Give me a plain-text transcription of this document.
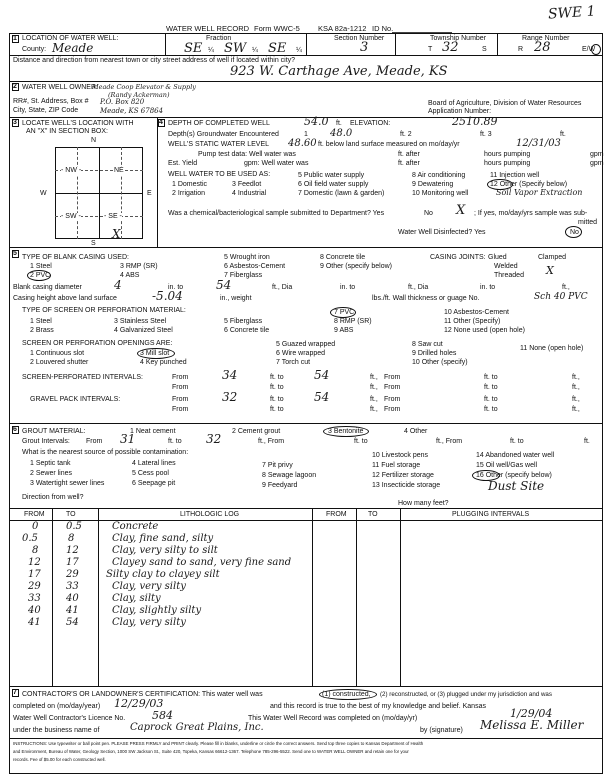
SWE 1
WATER WELL RECORD Form WWC-5 KSA 82a-1212 ID No.
1 LOCATION OF WATER WELL:
County: Meade
Fraction
SE ¼ SW ¼ SE ¼
Section Number
3
Township Number
T 32	S
Range Number
R 28	E/W
Distance and direction from nearest town or city street address of well if located within city?
923 W. Carthage Ave, Meade, KS
2 WATER WELL OWNER:
Meade Coop Elevator & Supply
(Randy Ackerman)
RR#, St. Address, Box # P.O. Box 820
City, State, ZIP Code	Meade, KS 67864
Board of Agriculture, Division of Water Resources
Application Number:
3 LOCATE WELL'S LOCATION WITH
AN "X" IN SECTION BOX:
N
W	E
S
- NW -	NE
- SW -	- SE -
X
4 DEPTH OF COMPLETED WELL	54.0 ft. ELEVATION:	2510.89
Depth(s) Groundwater Encountered	1 48.0	ft. 2	ft. 3	ft.
WELL'S STATIC WATER LEVEL 48.60 ft. below land surface measured on mo/day/yr	12/31/03
Pump test data: Well water was	ft. after	hours pumping	gpm
Est. Yield	gpm: Well water was	ft. after	hours pumping	gpm
WELL WATER TO BE USED AS:
1 Domestic
2 Irrigation
3 Feedlot
4 Industrial
5 Public water supply
6 Oil field water supply
7 Domestic (lawn & garden)
8 Air conditioning
9 Dewatering
10 Monitoring well
11 Injection well
12 Other (Specify below)
Soil Vapor Extraction
Was a chemical/bacteriological sample submitted to Department? Yes	No X ; If yes, mo/day/yrs sample was sub-
mitted
Water Well Disinfected? Yes	No
5
TYPE OF BLANK CASING USED:
1 Steel
2 PVC
3 RMP (SR)
4 ABS
5 Wrought iron
6 Asbestos-Cement
7 Fiberglass
8 Concrete tile
9 Other (specify below)
CASING JOINTS: Glued	Clamped
Welded
Threaded X
Blank casing diameter	4	in. to	54	ft., Dia	in. to	ft., Dia	in. to	ft.,
Casing height above land surface	-5.04	in., weight	lbs./ft. Wall thickness or guage No.	Sch 40 PVC
TYPE OF SCREEN OR PERFORATION MATERIAL:
1 Steel
2 Brass
3 Stainless Steel
4 Galvanized Steel
5 Fiberglass
6 Concrete tile
7 PVC
8 RMP (SR)
9 ABS
10 Asbestos-Cement
11 Other (Specify)
12 None used (open hole)
SCREEN OR PERFORATION OPENINGS ARE:
1 Continuous slot
2 Louvered shutter
3 Mill slot
4 Key punched
5 Guazed wrapped
6 Wire wrapped
7 Torch cut
8 Saw cut
9 Drilled holes
10 Other (specify)
11 None (open hole)
SCREEN-PERFORATED INTERVALS:	From	34	ft. to	54	ft., From	ft. to	ft.,
From	ft. to	ft., From	ft. to	ft.,
GRAVEL PACK INTERVALS:	From	32	ft. to	54	ft., From	ft. to	ft.,
From	ft. to	ft., From	ft. to	ft.,
6 GROUT MATERIAL:	1 Neat cement	2 Cement grout	3 Bentonite	4 Other
Grout Intervals: From 31	ft. to 32	ft., From	ft. to	ft., From	ft. to	ft.
What is the nearest source of possible contamination:
1 Septic tank
2 Sewer lines
3 Watertight sewer lines
4 Lateral lines
5 Cess pool
6 Seepage pit
7 Pit privy
8 Sewage lagoon
9 Feedyard
10 Livestock pens
11 Fuel storage
12 Fertilizer storage
13 Insecticide storage
14 Abandoned water well
15 Oil well/Gas well
16 Other (specify below)
Dust Site
Direction from well?
How many feet?
FROM	TO	LITHOLOGIC LOG	FROM	TO	PLUGGING INTERVALS
0	0.5	Concrete
0.5	8	Clay, fine sand, silty
8	12	Clay, very silty to silt
12	17	Clayey sand to sand, very fine sand
17	29	Silty clay to clayey silt
29	33	Clay, very silty
33	40	Clay, silty
40	41	Clay, slightly silty
41	54	Clay, very silty
7 CONTRACTOR'S OR LANDOWNER'S CERTIFICATION: This water well was	(1) constructed, (2) reconstructed, or (3) plugged under my jurisdiction and was
completed on (mo/day/year) 12/29/03	and this record is true to the best of my knowledge and belief. Kansas
Water Well Contractor's Licence No. 584	This Water Well Record was completed on (mo/day/yr)	1/29/04
under the business name of	Caprock Great Plains, Inc.	by (signature) Melissa E. Miller
INSTRUCTIONS: Use typewriter or ball point pen. PLEASE PRESS FIRMLY and PRINT clearly. Please fill in blanks, underline or circle the correct answers. Send top three copies to Kansas Department of Health
and Environment, Bureau of Water, Geology Section, 1000 SW Jackson St., Suite 420, Topeka, Kansas 66612-1367. Telephone 785-296-5522. Send one to WATER WELL OWNER and retain one for your
records. Fee of $5.00 for each constructed well.
